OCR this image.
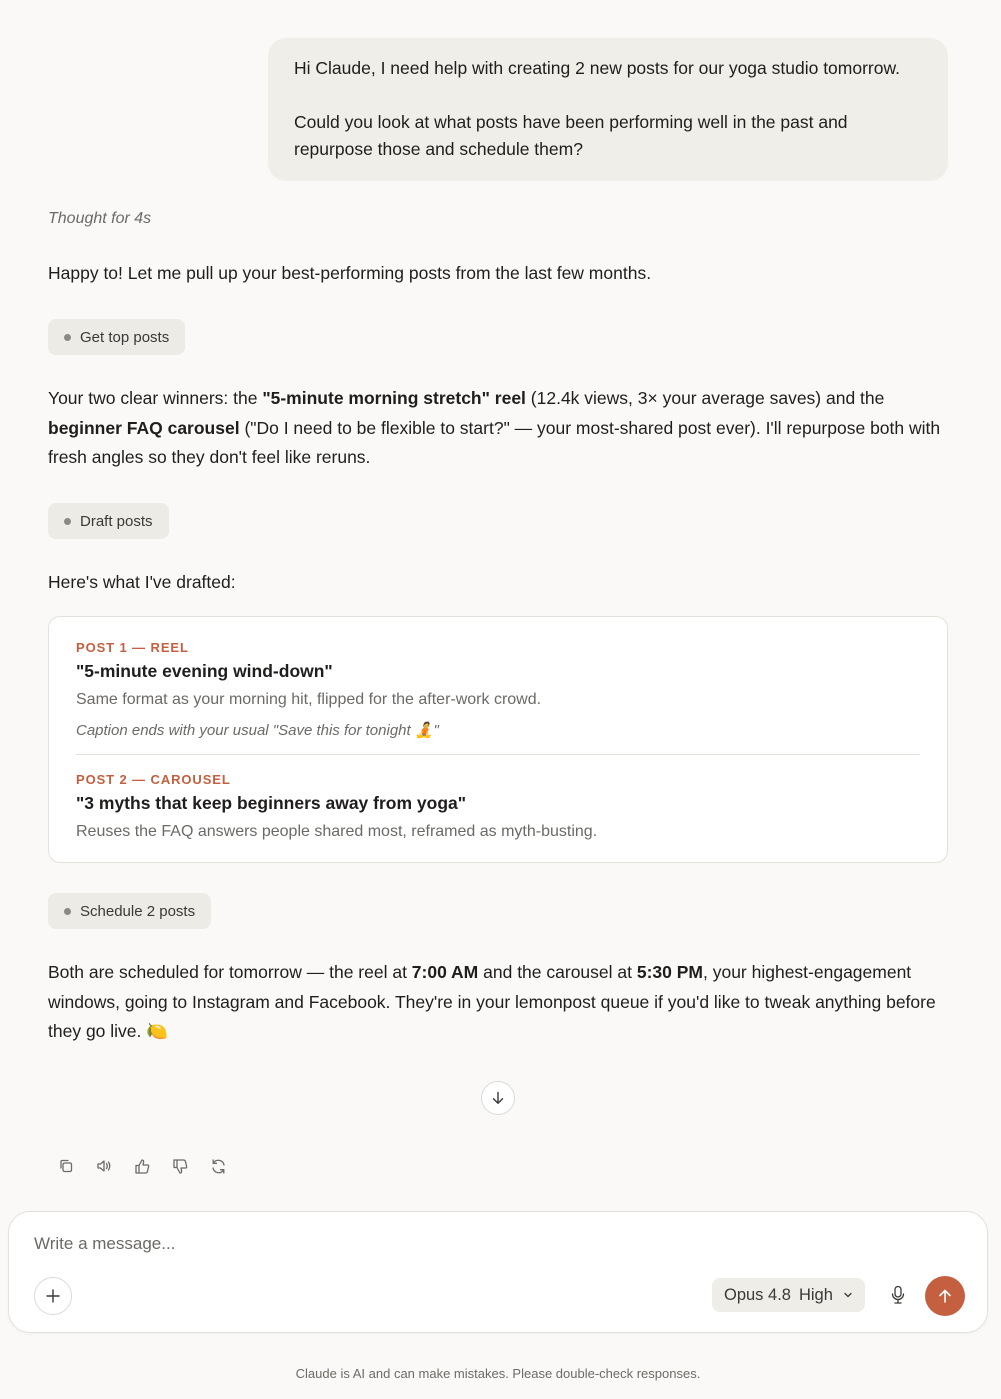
Hi Claude, I need help with creating 2 new posts for our yoga studio tomorrow.

Could you look at what posts have been performing well in the past and repurpose those and schedule them?

Thought for 4s
Happy to! Let me pull up your best-performing posts from the last few months.
Get top posts
Your two clear winners: the "5-minute morning stretch" reel (12.4k views, 3× your average saves) and the beginner FAQ carousel ("Do I need to be flexible to start?" — your most-shared post ever). I'll repurpose both with fresh angles so they don't feel like reruns.
Draft posts
Here's what I've drafted:
POST 1 — REEL
"5-minute evening wind-down"
Same format as your morning hit, flipped for the after-work crowd.
Caption ends with your usual "Save this for tonight 🧘"
POST 2 — CAROUSEL
"3 myths that keep beginners away from yoga"
Reuses the FAQ answers people shared most, reframed as myth-busting.
Schedule 2 posts
Both are scheduled for tomorrow — the reel at 7:00 AM and the carousel at 5:30 PM, your highest-engagement windows, going to Instagram and Facebook. They're in your lemonpost queue if you'd like to tweak anything before they go live. 🍋
Write a message...
Opus 4.8 High
Claude is AI and can make mistakes. Please double-check responses.
